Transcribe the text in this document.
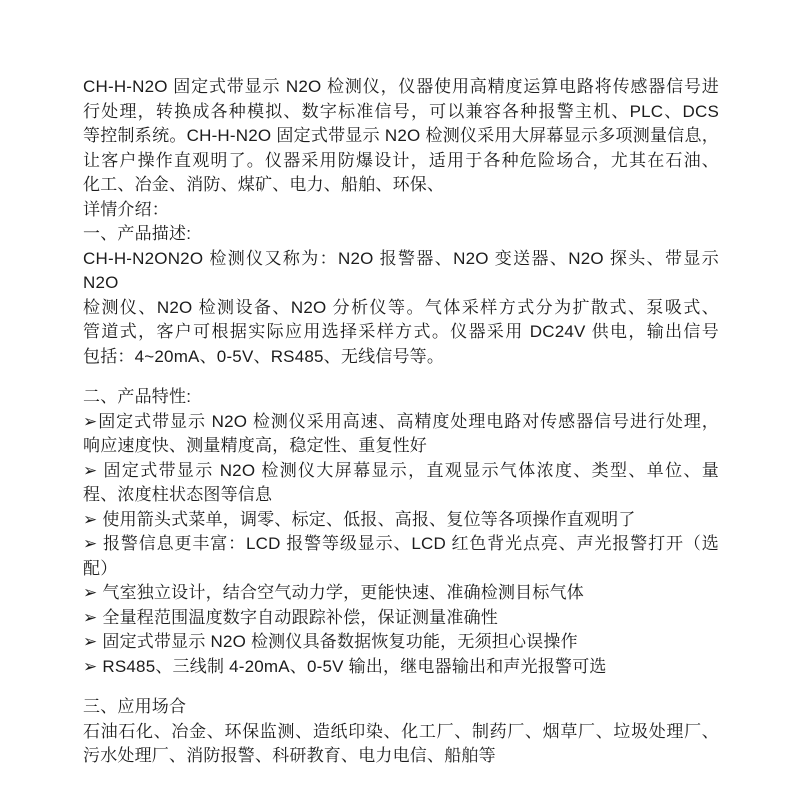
CH-H-N2O 固定式带显示 N2O 检测仪，仪器使用高精度运算电路将传感器信号进
行处理，转换成各种模拟、数字标准信号，可以兼容各种报警主机、PLC、DCS
等控制系统。CH-H-N2O 固定式带显示 N2O 检测仪采用大屏幕显示多项测量信息，
让客户操作直观明了。仪器采用防爆设计，适用于各种危险场合，尤其在石油、
化工、冶金、消防、煤矿、电力、船舶、环保、
详情介绍：
一、产品描述:
CH-H-N2ON2O 检测仪又称为：N2O 报警器、N2O 变送器、N2O 探头、带显示 N2O
检测仪、N2O 检测设备、N2O 分析仪等。气体采样方式分为扩散式、泵吸式、
管道式，客户可根据实际应用选择采样方式。仪器采用 DC24V 供电，输出信号
包括：4~20mA、0-5V、RS485、无线信号等。
二、产品特性:
➢固定式带显示 N2O 检测仪采用高速、高精度处理电路对传感器信号进行处理，
响应速度快、测量精度高，稳定性、重复性好
➢ 固定式带显示 N2O 检测仪大屏幕显示，直观显示气体浓度、类型、单位、量
程、浓度柱状态图等信息
➢ 使用箭头式菜单，调零、标定、低报、高报、复位等各项操作直观明了
➢ 报警信息更丰富：LCD 报警等级显示、LCD 红色背光点亮、声光报警打开（选
配）
➢ 气室独立设计，结合空气动力学，更能快速、准确检测目标气体
➢ 全量程范围温度数字自动跟踪补偿，保证测量准确性
➢ 固定式带显示 N2O 检测仪具备数据恢复功能，无须担心误操作
➢ RS485、三线制 4-20mA、0-5V 输出，继电器输出和声光报警可选
三、应用场合
石油石化、冶金、环保监测、造纸印染、化工厂、制药厂、烟草厂、垃圾处理厂、
污水处理厂、消防报警、科研教育、电力电信、船舶等
